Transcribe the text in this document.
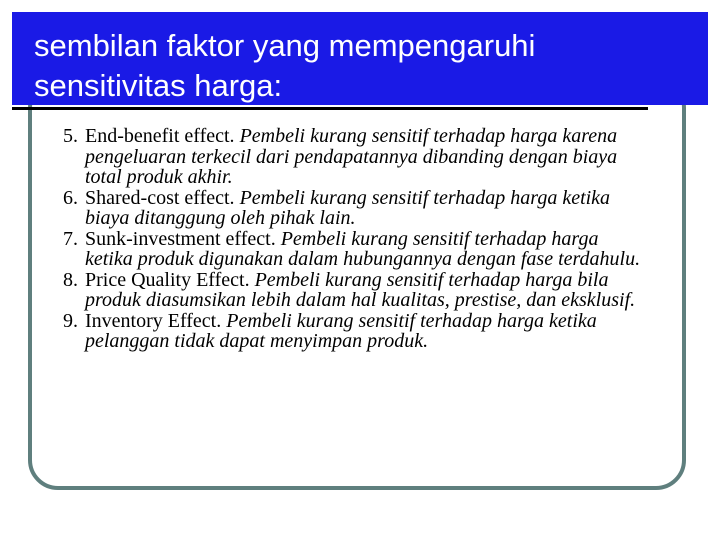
sembilan faktor yang mempengaruhi
sensitivitas harga:
5. End-benefit effect. Pembeli kurang sensitif terhadap harga karena pengeluaran terkecil dari pendapatannya dibanding dengan biaya total produk akhir.
6. Shared-cost effect. Pembeli kurang sensitif terhadap harga ketika biaya ditanggung oleh pihak lain.
7. Sunk-investment effect. Pembeli kurang sensitif terhadap harga ketika produk digunakan dalam hubungannya dengan fase terdahulu.
8. Price Quality Effect. Pembeli kurang sensitif terhadap harga bila produk diasumsikan lebih dalam hal kualitas, prestise, dan eksklusif.
9. Inventory Effect. Pembeli kurang sensitif terhadap harga ketika pelanggan tidak dapat menyimpan produk.
